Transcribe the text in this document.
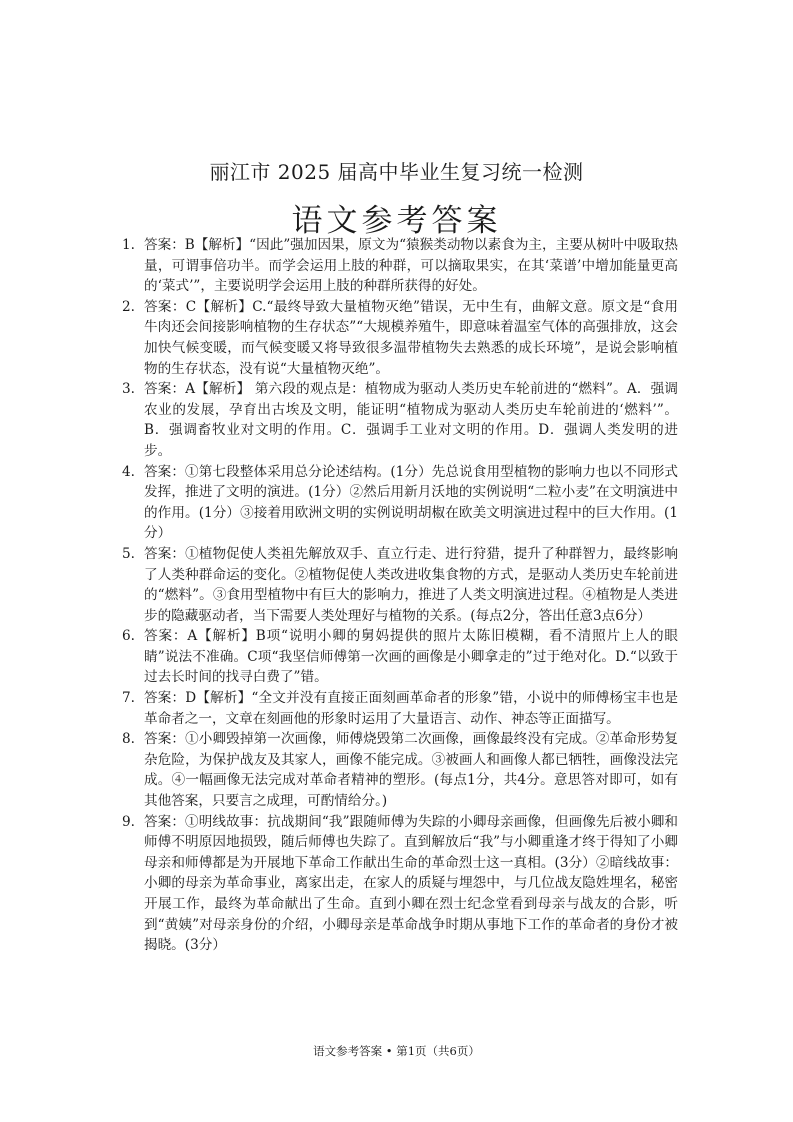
丽江市 2025 届高中毕业生复习统一检测
语文参考答案
1. 答案：B【解析】“因此”强加因果，原文为“猿猴类动物以素食为主，主要从树叶中吸取热量，可谓事倍功半。而学会运用上肢的种群，可以摘取果实，在其‘菜谱’中增加能量更高的‘菜式’”，主要说明学会运用上肢的种群所获得的好处。
2. 答案：C【解析】C.“最终导致大量植物灭绝”错误，无中生有，曲解文意。原文是“食用牛肉还会间接影响植物的生存状态”“大规模养殖牛，即意味着温室气体的高强排放，这会加快气候变暖，而气候变暖又将导致很多温带植物失去熟悉的成长环境”，是说会影响植物的生存状态，没有说“大量植物灭绝”。
3. 答案：A【解析】 第六段的观点是：植物成为驱动人类历史车轮前进的“燃料”。A．强调农业的发展，孕育出古埃及文明，能证明“植物成为驱动人类历史车轮前进的‘燃料’”。B．强调畜牧业对文明的作用。C．强调手工业对文明的作用。D．强调人类发明的进步。
4. 答案：①第七段整体采用总分论述结构。(1分）先总说食用型植物的影响力也以不同形式发挥，推进了文明的演进。(1分）②然后用新月沃地的实例说明“二粒小麦”在文明演进中的作用。(1分）③接着用欧洲文明的实例说明胡椒在欧美文明演进过程中的巨大作用。(1分）
5. 答案：①植物促使人类祖先解放双手、直立行走、进行狩猎，提升了种群智力，最终影响了人类种群命运的变化。②植物促使人类改进收集食物的方式，是驱动人类历史车轮前进的“燃料”。③食用型植物中有巨大的影响力，推进了人类文明演进过程。④植物是人类进步的隐藏驱动者，当下需要人类处理好与植物的关系。(每点2分，答出任意3点6分）
6. 答案：A【解析】B项“说明小卿的舅妈提供的照片太陈旧模糊，看不清照片上人的眼睛”说法不准确。C项“我坚信师傅第一次画的画像是小卿拿走的”过于绝对化。D.“以致于过去长时间的找寻白费了”错。
7. 答案：D【解析】“全文并没有直接正面刻画革命者的形象”错，小说中的师傅杨宝丰也是革命者之一，文章在刻画他的形象时运用了大量语言、动作、神态等正面描写。
8. 答案：①小卿毁掉第一次画像，师傅烧毁第二次画像，画像最终没有完成。②革命形势复杂危险，为保护战友及其家人，画像不能完成。③被画人和画像人都已牺牲，画像没法完成。④一幅画像无法完成对革命者精神的塑形。(每点1分，共4分。意思答对即可，如有其他答案，只要言之成理，可酌情给分。)
9. 答案：①明线故事：抗战期间“我”跟随师傅为失踪的小卿母亲画像，但画像先后被小卿和师傅不明原因地损毁，随后师傅也失踪了。直到解放后“我”与小卿重逢才终于得知了小卿母亲和师傅都是为开展地下革命工作献出生命的革命烈士这一真相。(3分）②暗线故事：小卿的母亲为革命事业，离家出走，在家人的质疑与埋怨中，与几位战友隐姓埋名，秘密开展工作，最终为革命献出了生命。直到小卿在烈士纪念堂看到母亲与战友的合影，听到“黄姨”对母亲身份的介绍，小卿母亲是革命战争时期从事地下工作的革命者的身份才被揭晓。(3分）
语文参考答案 • 第1页（共6页）
